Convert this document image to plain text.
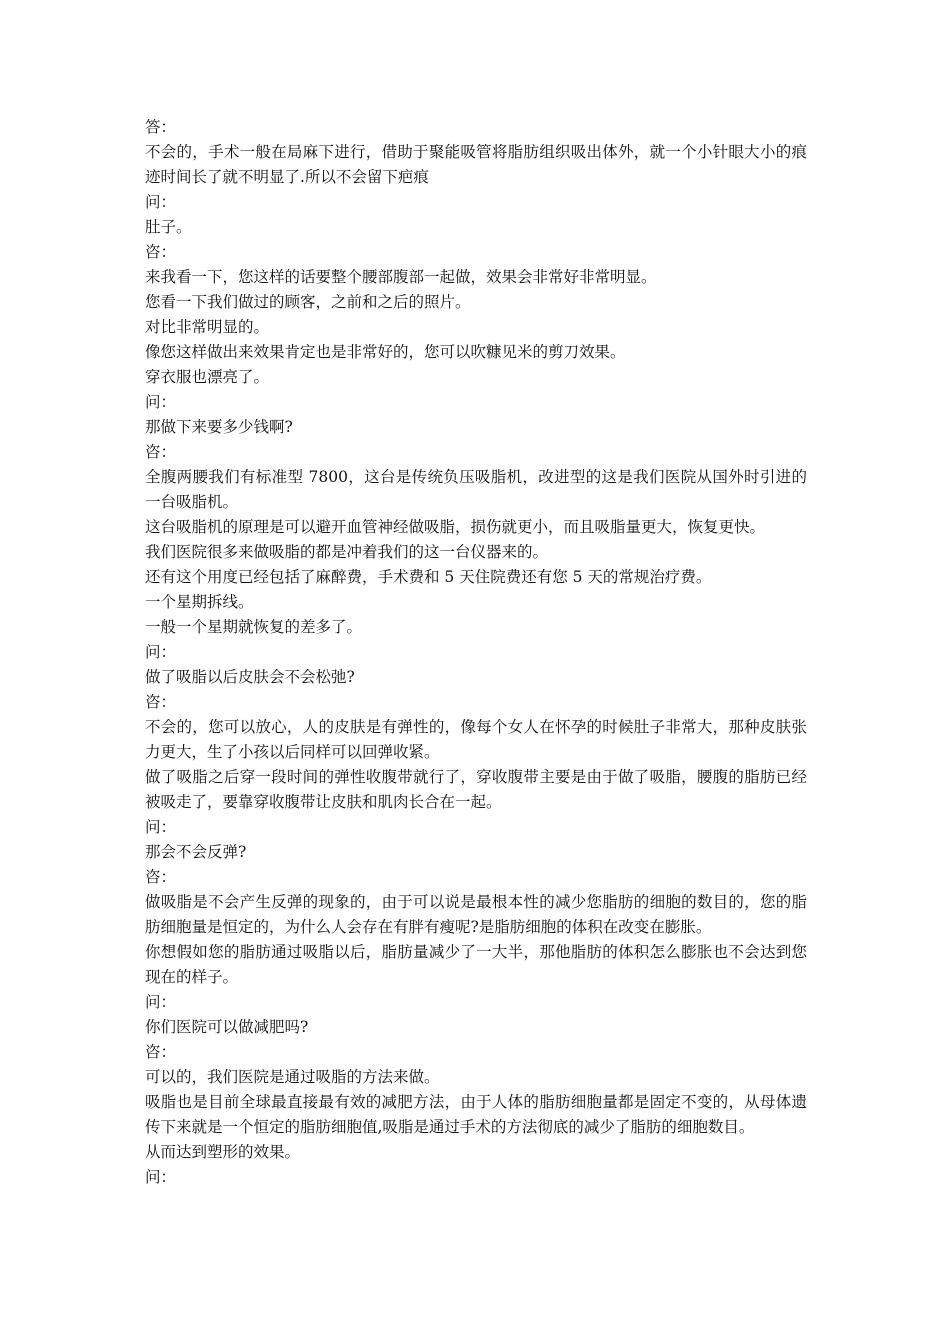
答：

不会的，手术一般在局麻下进行，借助于聚能吸管将脂肪组织吸出体外，就一个小针眼大小的痕迹时间长了就不明显了.所以不会留下疤痕

问：

肚子。

咨：

来我看一下，您这样的话要整个腰部腹部一起做，效果会非常好非常明显。

您看一下我们做过的顾客，之前和之后的照片。

对比非常明显的。

像您这样做出来效果肯定也是非常好的，您可以吹糠见米的剪刀效果。

穿衣服也漂亮了。

问：

那做下来要多少钱啊?

咨：

全腹两腰我们有标准型 7800，这台是传统负压吸脂机，改进型的这是我们医院从国外时引进的一台吸脂机。

这台吸脂机的原理是可以避开血管神经做吸脂，损伤就更小，而且吸脂量更大，恢复更快。

我们医院很多来做吸脂的都是冲着我们的这一台仪器来的。

还有这个用度已经包括了麻醉费，手术费和 5 天住院费还有您 5 天的常规治疗费。

一个星期拆线。

一般一个星期就恢复的差多了。

问：

做了吸脂以后皮肤会不会松弛?

咨：

不会的，您可以放心，人的皮肤是有弹性的，像每个女人在怀孕的时候肚子非常大，那种皮肤张力更大，生了小孩以后同样可以回弹收紧。

做了吸脂之后穿一段时间的弹性收腹带就行了，穿收腹带主要是由于做了吸脂，腰腹的脂肪已经被吸走了，要靠穿收腹带让皮肤和肌肉长合在一起。

问：

那会不会反弹?

咨：

做吸脂是不会产生反弹的现象的，由于可以说是最根本性的减少您脂肪的细胞的数目的，您的脂肪细胞量是恒定的，为什么人会存在有胖有瘦呢?是脂肪细胞的体积在改变在膨胀。

你想假如您的脂肪通过吸脂以后，脂肪量减少了一大半，那他脂肪的体积怎么膨胀也不会达到您现在的样子。

问：

你们医院可以做减肥吗?

咨：

可以的，我们医院是通过吸脂的方法来做。

吸脂也是目前全球最直接最有效的减肥方法，由于人体的脂肪细胞量都是固定不变的，从母体遗传下来就是一个恒定的脂肪细胞值,吸脂是通过手术的方法彻底的减少了脂肪的细胞数目。

从而达到塑形的效果。

问：
